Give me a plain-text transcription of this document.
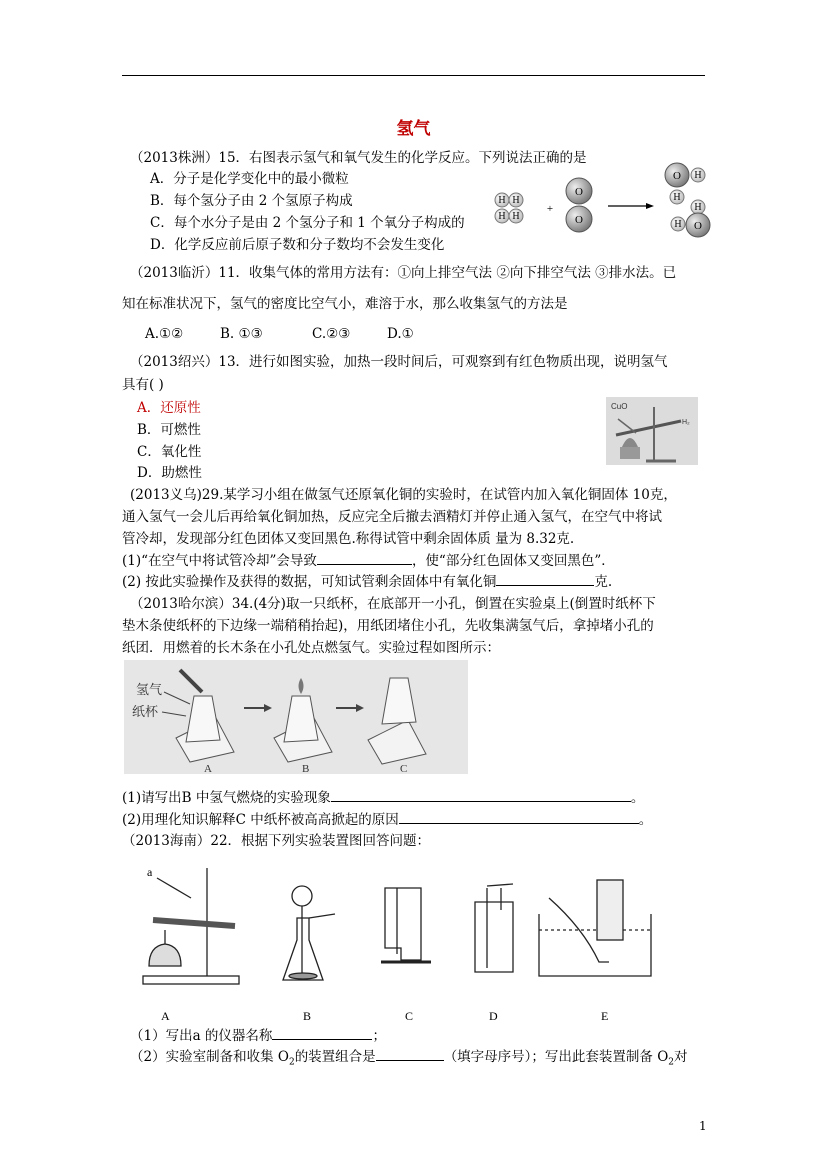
氢气
（2013株洲）15．右图表示氢气和氧气发生的化学反应。下列说法正确的是
A．分子是化学变化中的最小微粒
B．每个氢分子由 2 个氢原子构成
C．每个水分子是由 2 个氢分子和 1 个氧分子构成的
D．化学反应前后原子数和分子数均不会发生变化
H H
H H
+
O
O
O H
H
H
O
H
（2013临沂）11．收集气体的常用方法有：①向上排空气法 ②向下排空气法 ③排水法。已
知在标准状况下，氢气的密度比空气小，难溶于水，那么收集氢气的方法是
A.①②	B. ①③	C.②③	D.①
（2013绍兴）13．进行如图实验，加热一段时间后，可观察到有红色物质出现，说明氢气
具有( )
A．还原性
B．可燃性
C．氧化性
D．助燃性
CuO
H₂
(2013义乌)29.某学习小组在做氢气还原氧化铜的实验时，在试管内加入氧化铜固体 10克，
通入氢气一会儿后再给氧化铜加热，反应完全后撤去酒精灯并停止通入氢气，在空气中将试
管冷却，发现部分红色团体又变回黑色.称得试管中剩余固体质 量为 8.32克.
(1)“在空气中将试管冷却”会导致	，使“部分红色固体又变回黑色”．
(2) 按此实验操作及获得的数据，可知试管剩余固体中有氧化铜	克.
（2013哈尔滨）34.(4分)取一只纸杯，在底部开一小孔，倒置在实验桌上(倒置时纸杯下
垫木条使纸杯的下边缘一端稍稍抬起)，用纸团堵住小孔，先收集满氢气后，拿掉堵小孔的
纸团．用燃着的长木条在小孔处点燃氢气。实验过程如图所示：
氢气
纸杯
A	B	C
(1)请写出B 中氢气燃烧的实验现象	。
(2)用理化知识解释C 中纸杯被高高掀起的原因	。
（2013海南）22．根据下列实验装置图回答问题：
a
A	B	C	D	E
（1）写出a 的仪器名称	；
（2）实验室制备和收集 $O_2$的装置组合是	（填字母序号）；写出此套装置制备 $O_2$对
1
